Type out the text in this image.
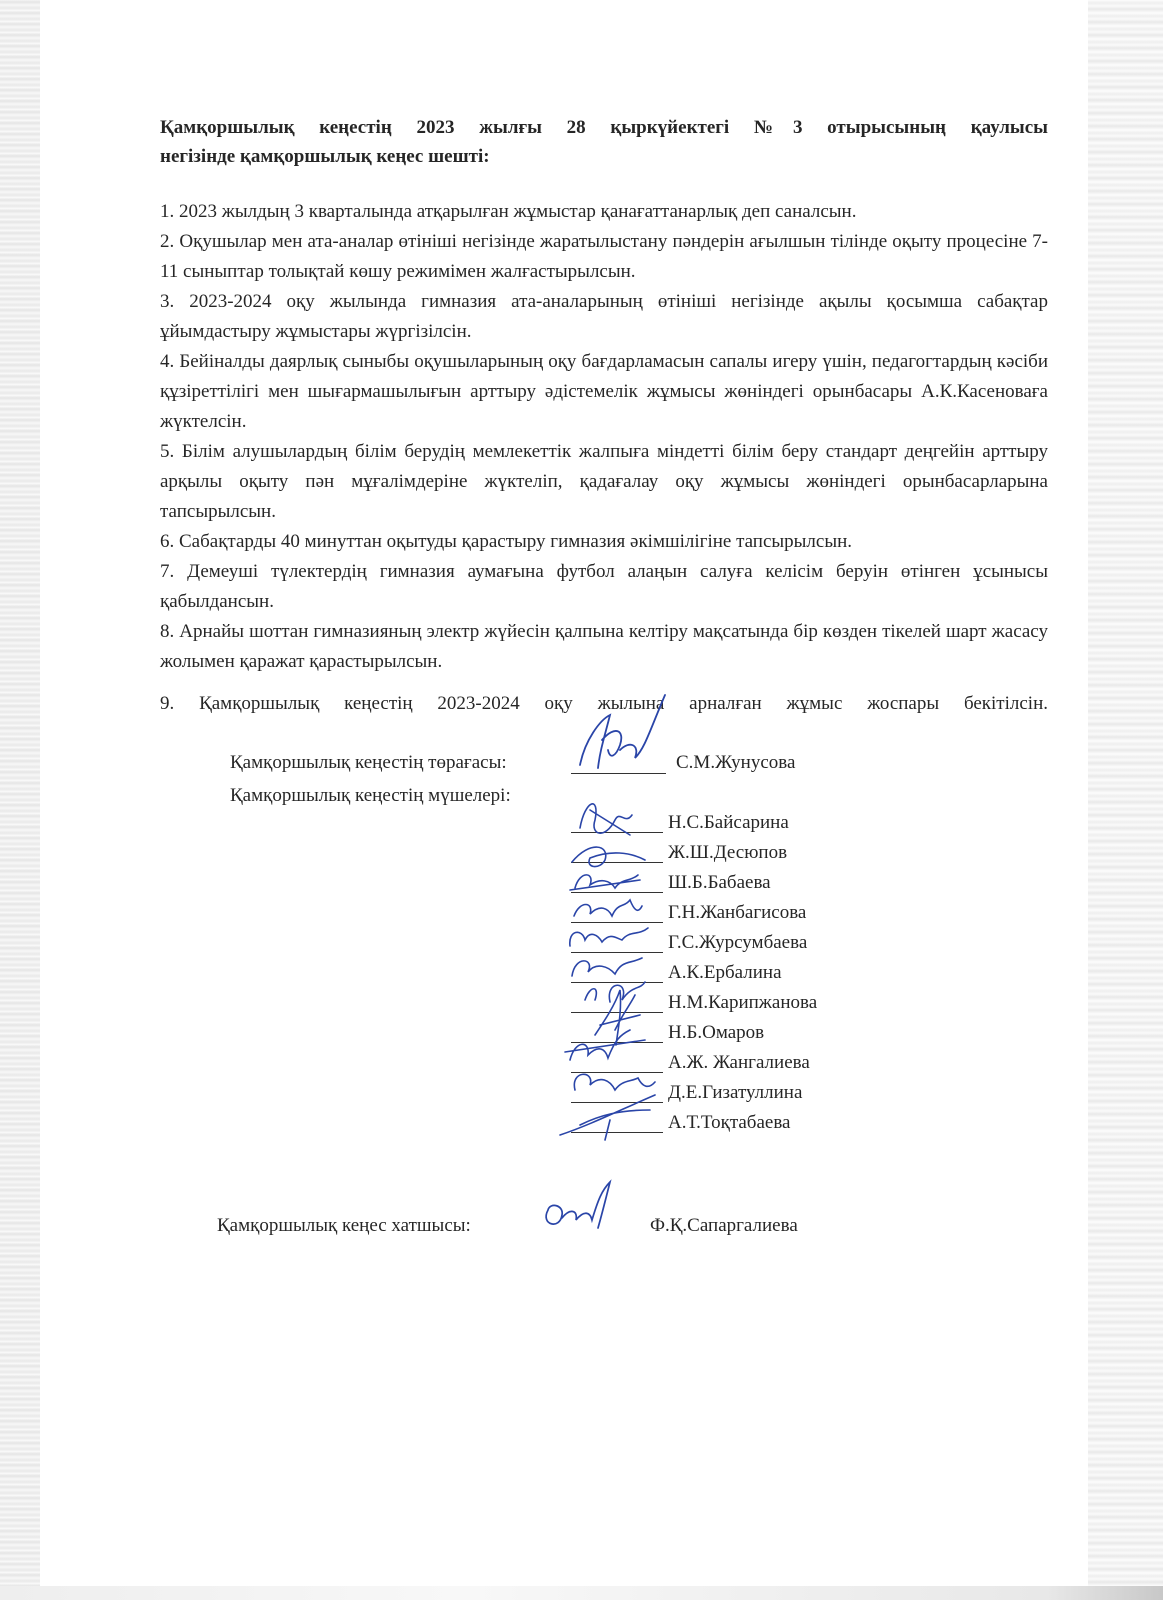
Қамқоршылық кеңестің 2023 жылғы 28 қыркүйектегі №3 отырысының қаулысы
негізінде қамқоршылық кеңес шешті:
1. 2023 жылдың 3 кварталында атқарылған жұмыстар қанағаттанарлық деп саналсын.
2. Оқушылар мен ата-аналар өтініші негізінде жаратылыстану пәндерін ағылшын тілінде оқыту процесіне 7-11 сыныптар толықтай көшу режимімен жалғастырылсын.
3. 2023-2024 оқу жылында гимназия ата-аналарының өтініші негізінде ақылы қосымша сабақтар ұйымдастыру жұмыстары жүргізілсін.
4. Бейіналды даярлық сыныбы оқушыларының оқу бағдарламасын сапалы игеру үшін, педагогтардың кәсіби құзіреттілігі мен шығармашылығын арттыру әдістемелік жұмысы жөніндегі орынбасары А.К.Касеноваға жүктелсін.
5. Білім алушылардың білім берудің мемлекеттік жалпыға міндетті білім беру стандарт деңгейін арттыру арқылы оқыту пән мұғалімдеріне жүктеліп, қадағалау оқу жұмысы жөніндегі орынбасарларына тапсырылсын.
6. Сабақтарды 40 минуттан оқытуды қарастыру гимназия әкімшілігіне тапсырылсын.
7. Демеуші түлектердің гимназия аумағына футбол алаңын салуға келісім беруін өтінген ұсынысы қабылдансын.
8. Арнайы шоттан гимназияның электр жүйесін қалпына келтіру мақсатында бір көзден тікелей шарт жасасу жолымен қаражат қарастырылсын.
9. Қамқоршылық кеңестің 2023-2024 оқу жылына арналған жұмыс жоспары бекітілсін.
Қамқоршылық кеңестің төрағасы:	С.М.Жунусова
Қамқоршылық кеңестің мүшелері:
Н.С.Байсарина
Ж.Ш.Десюпов
Ш.Б.Бабаева
Г.Н.Жанбагисова
Г.С.Журсумбаева
А.К.Ербалина
Н.М.Карипжанова
Н.Б.Омаров
А.Ж. Жангалиева
Д.Е.Гизатуллина
А.Т.Тоқтабаева
Қамқоршылық кеңес хатшысы:	Ф.Қ.Сапаргалиева
